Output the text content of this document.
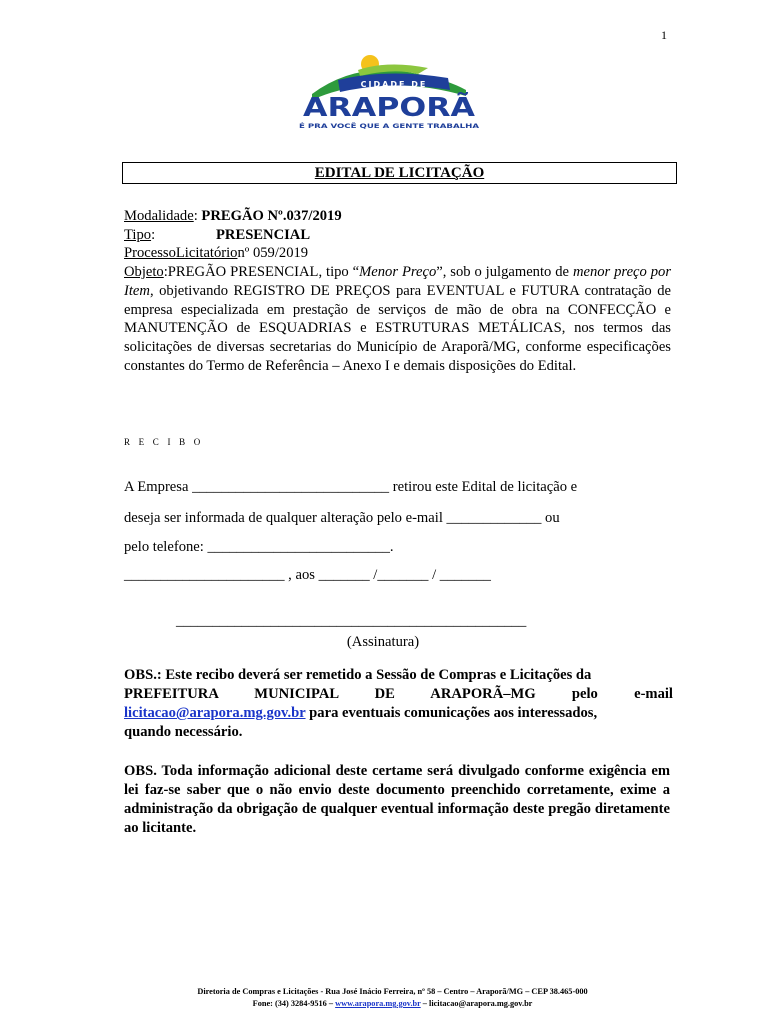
1
CIDADE DE
ARAPORÃ
É PRA VOCÊ QUE A GENTE TRABALHA
EDITAL DE LICITAÇÃO
Modalidade: PREGÃO Nº.037/2019
Tipo:	PRESENCIAL
ProcessoLicitatórionº 059/2019
Objeto:PREGÃO PRESENCIAL, tipo “Menor Preço”, sob o julgamento de menor preço por Item, objetivando REGISTRO DE PREÇOS para EVENTUAL e FUTURA contratação de empresa especializada em prestação de serviços de mão de obra na CONFECÇÃO e MANUTENÇÃO de ESQUADRIAS e ESTRUTURAS METÁLICAS, nos termos das solicitações de diversas secretarias do Município de Araporã/MG, conforme especificações constantes do Termo de Referência – Anexo I e demais disposições do Edital.
R E C I B O
A Empresa ___________________________ retirou este Edital de licitação e
deseja ser informada de qualquer alteração pelo e-mail _____________ ou
pelo telefone: _________________________.
______________________ , aos _______ /_______ / _______
________________________________________________
(Assinatura)
OBS.: Este recibo deverá ser remetido a Sessão de Compras e Licitações da
PREFEITURA MUNICIPAL DE ARAPORÃ–MG pelo e-mail
licitacao@arapora.mg.gov.br para eventuais comunicações aos interessados,
quando necessário.
OBS. Toda informação adicional deste certame será divulgado conforme exigência em lei faz-se saber que o não envio deste documento preenchido corretamente, exime a administração da obrigação de qualquer eventual informação deste pregão diretamente ao licitante.
Diretoria de Compras e Licitações - Rua José Inácio Ferreira, nº 58 – Centro – Araporã/MG – CEP 38.465-000
Fone: (34) 3284-9516 – www.arapora.mg.gov.br – licitacao@arapora.mg.gov.br
